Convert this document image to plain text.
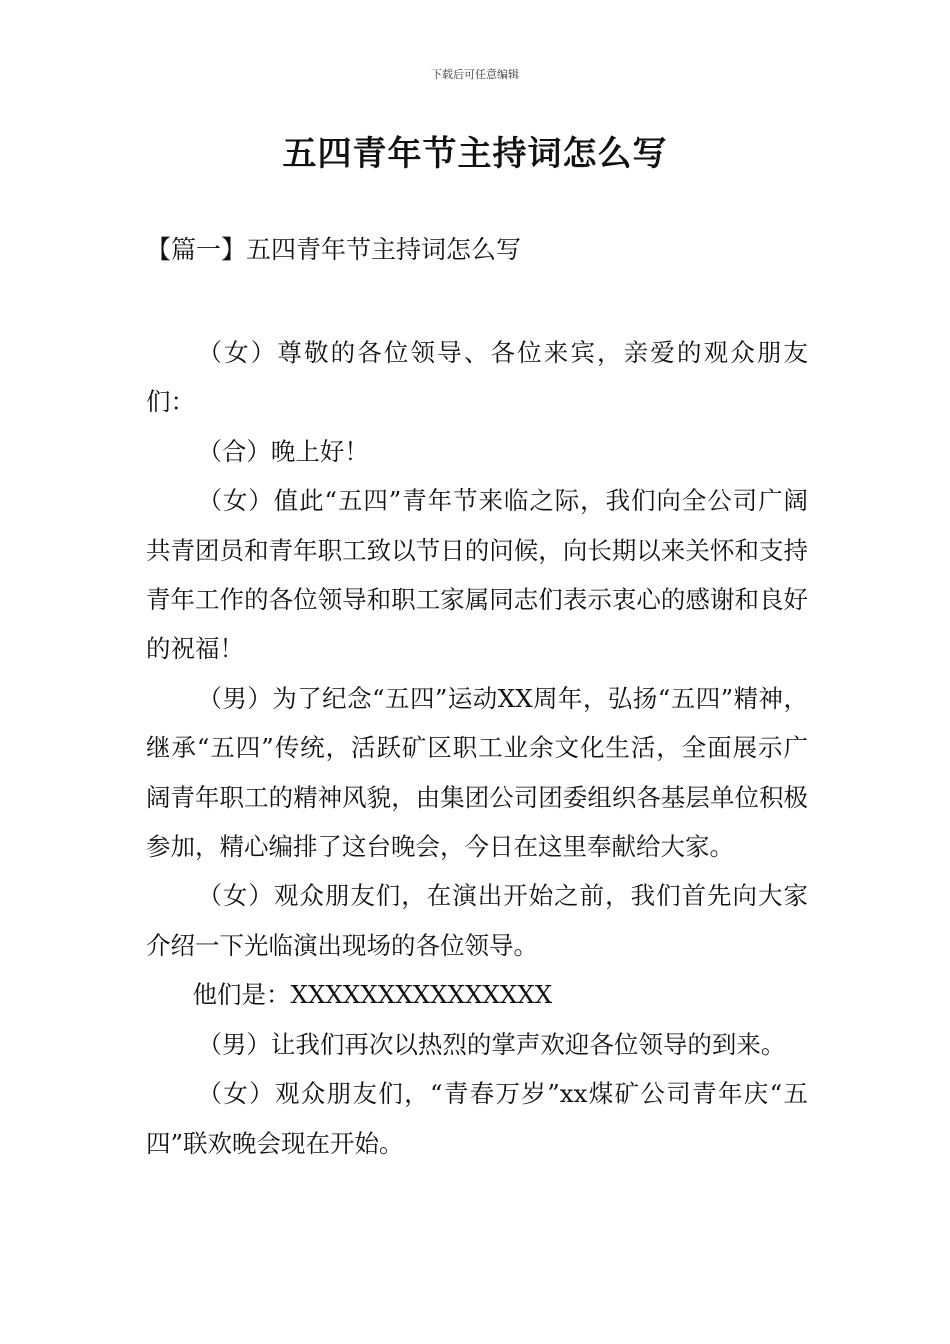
下载后可任意编辑
五四青年节主持词怎么写
【篇一】五四青年节主持词怎么写

（女）尊敬的各位领导、各位来宾，亲爱的观众朋友们：

（合）晚上好！

（女）值此“五四”青年节来临之际，我们向全公司广阔共青团员和青年职工致以节日的问候，向长期以来关怀和支持青年工作的各位领导和职工家属同志们表示衷心的感谢和良好的祝福！

（男）为了纪念“五四”运动XX周年，弘扬“五四”精神，继承“五四”传统，活跃矿区职工业余文化生活，全面展示广阔青年职工的精神风貌，由集团公司团委组织各基层单位积极参加，精心编排了这台晚会，今日在这里奉献给大家。

（女）观众朋友们，在演出开始之前，我们首先向大家介绍一下光临演出现场的各位领导。

他们是：XXXXXXXXXXXXXXX

（男）让我们再次以热烈的掌声欢迎各位领导的到来。

（女）观众朋友们，“青春万岁”xx煤矿公司青年庆“五四”联欢晚会现在开始。
